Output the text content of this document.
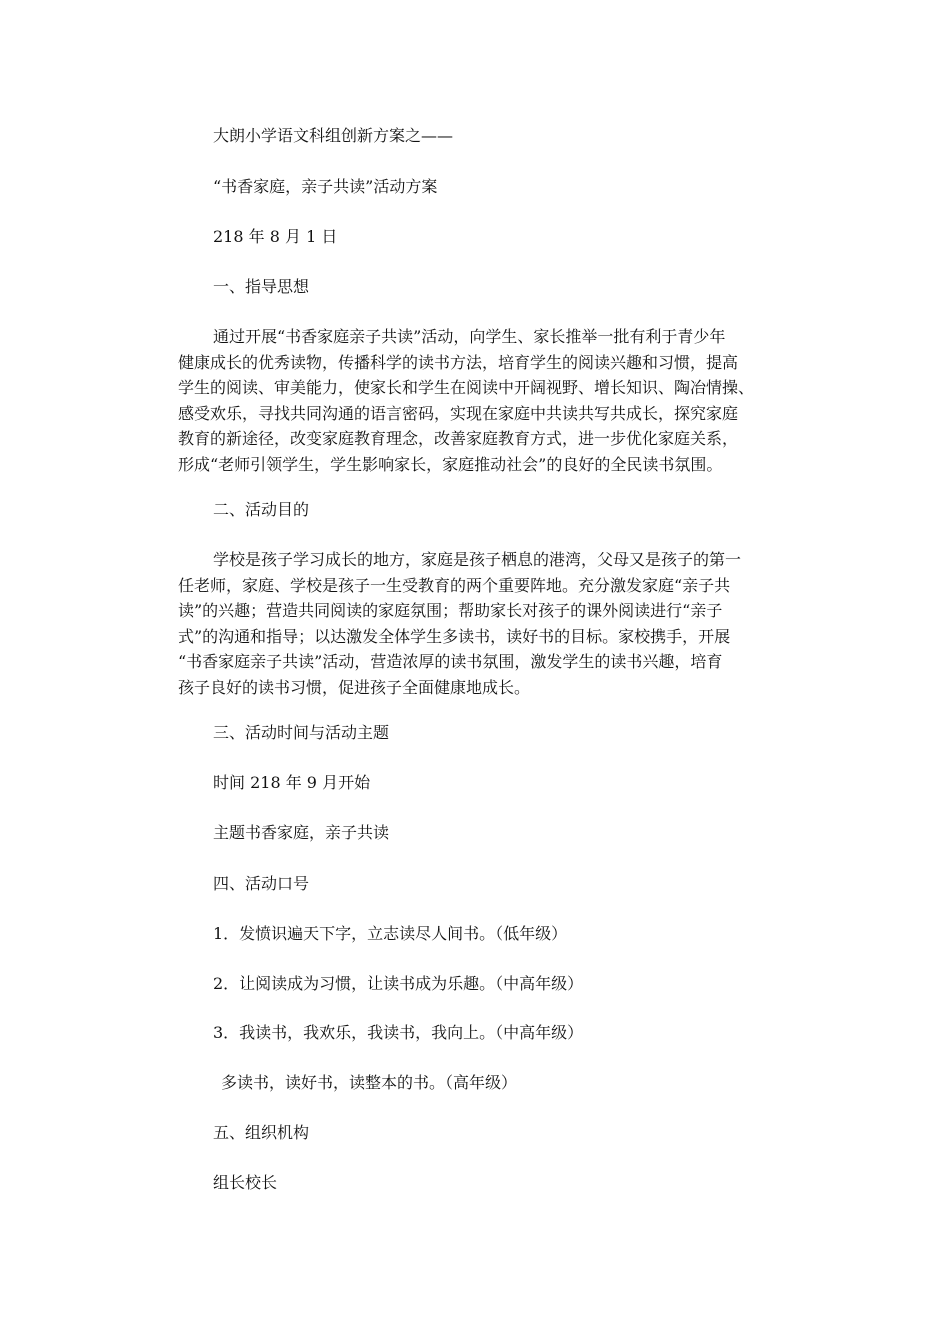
大朗小学语文科组创新方案之——
“书香家庭，亲子共读”活动方案
218 年 8 月 1 日
一、指导思想
通过开展“书香家庭亲子共读”活动，向学生、家长推举一批有利于青少年
健康成长的优秀读物，传播科学的读书方法，培育学生的阅读兴趣和习惯，提高
学生的阅读、审美能力，使家长和学生在阅读中开阔视野、增长知识、陶冶情操、
感受欢乐，寻找共同沟通的语言密码，实现在家庭中共读共写共成长，探究家庭
教育的新途径，改变家庭教育理念，改善家庭教育方式，进一步优化家庭关系，
形成“老师引领学生，学生影响家长，家庭推动社会”的良好的全民读书氛围。
二、活动目的
学校是孩子学习成长的地方，家庭是孩子栖息的港湾，父母又是孩子的第一
任老师，家庭、学校是孩子一生受教育的两个重要阵地。充分激发家庭“亲子共
读”的兴趣；营造共同阅读的家庭氛围；帮助家长对孩子的课外阅读进行“亲子
式”的沟通和指导；以达激发全体学生多读书，读好书的目标。家校携手，开展
“书香家庭亲子共读”活动，营造浓厚的读书氛围，激发学生的读书兴趣，培育
孩子良好的读书习惯，促进孩子全面健康地成长。
三、活动时间与活动主题
时间 218 年 9 月开始
主题书香家庭，亲子共读
四、活动口号
1．发愤识遍天下字，立志读尽人间书。（低年级）
2．让阅读成为习惯，让读书成为乐趣。（中高年级）
3．我读书，我欢乐，我读书，我向上。（中高年级）
多读书，读好书，读整本的书。（高年级）
五、组织机构
组长校长
